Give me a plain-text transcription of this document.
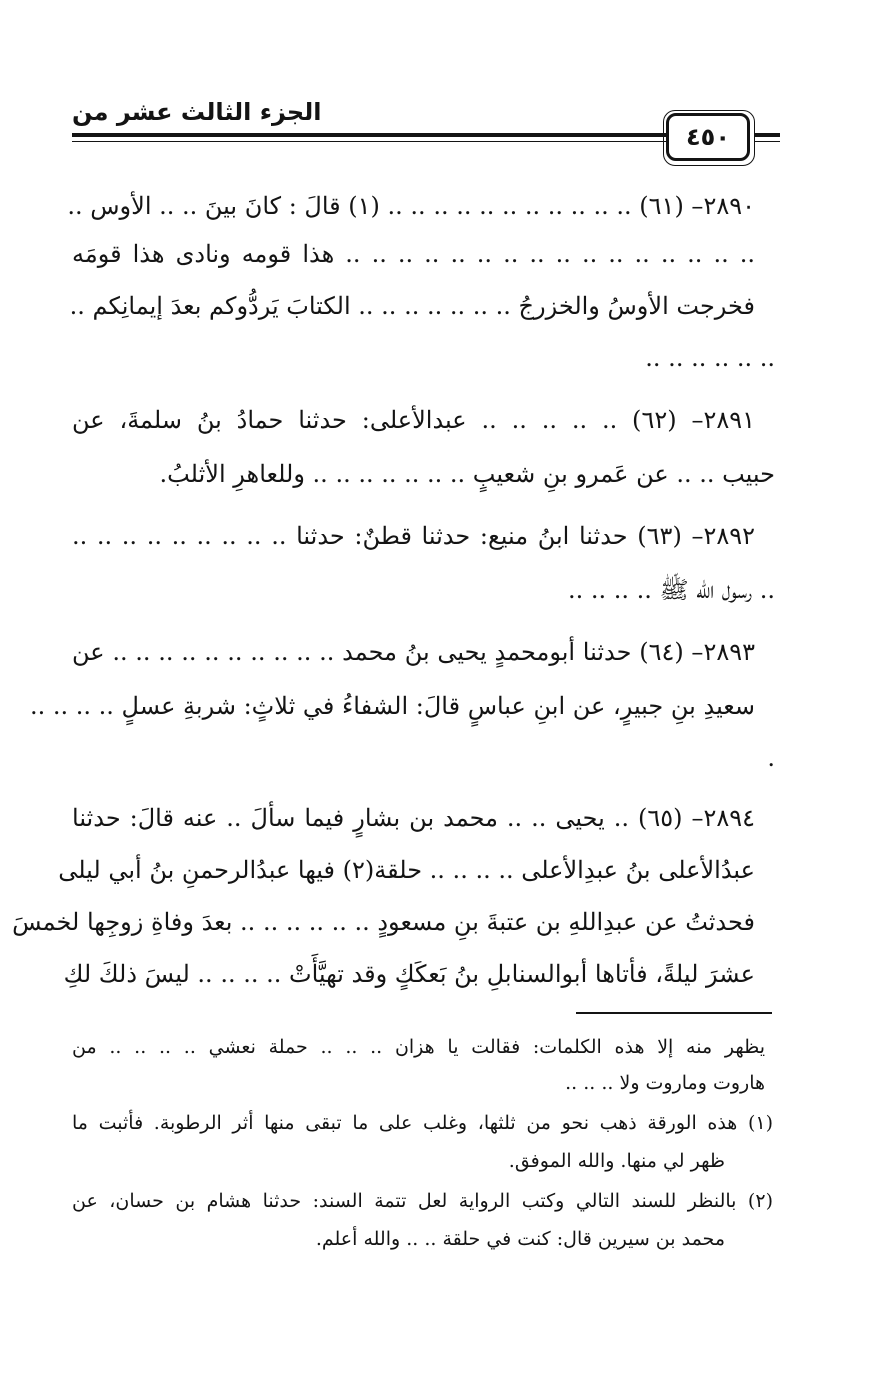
الجزء الثالث عشر من
٤٥٠
٢٨٩٠– (٦١) .. .. .. .. .. .. .. .. .. .. .. (١) قالَ : كانَ بينَ .. .. الأوس ..
.. .. .. .. .. .. .. .. .. .. .. .. .. .. .. .. هذا قومه ونادى هذا قومَه
فخرجت الأوسُ والخزرجُ .. .. .. .. .. .. .. الكتابَ يَردُّوكم بعدَ إيمانِكم ..
.. .. .. .. .. ..
٢٨٩١– (٦٢) .. .. .. .. .. عبدالأعلى: حدثنا حمادُ بنُ سلمةَ، عن
حبيب .. .. عن عَمرو بنِ شعيبٍ .. .. .. .. .. .. .. وللعاهرِ الأثلبُ.
٢٨٩٢– (٦٣) حدثنا ابنُ منيع: حدثنا قطنٌ: حدثنا .. .. .. .. .. .. .. .. ..
.. رسول الله ﷺ .. .. .. ..
٢٨٩٣– (٦٤) حدثنا أبومحمدٍ يحيى بنُ محمد .. .. .. .. .. .. .. .. .. .. عن
سعيدِ بنِ جبيرٍ، عن ابنِ عباسٍ قالَ: الشفاءُ في ثلاثٍ: شربةِ عسلٍ .. .. .. ..
.
٢٨٩٤– (٦٥) .. يحيى .. .. محمد بن بشارٍ فيما سألَ .. عنه قالَ: حدثنا
عبدُالأعلى بنُ عبدِالأعلى .. .. .. .. حلقة(٢) فيها عبدُالرحمنِ بنُ أبي ليلى
فحدثتُ عن عبدِاللهِ بن عتبةَ بنِ مسعودٍ .. .. .. .. .. .. بعدَ وفاةِ زوجِها لخمسَ
عشرَ ليلةً، فأتاها أبوالسنابلِ بنُ بَعكَكٍ وقد تهيَّأَتْ .. .. .. .. ليسَ ذلكَ لكِ
يظهر منه إلا هذه الكلمات: فقالت يا هزان .. .. .. حملة نعشي .. .. .. .. من
هاروت وماروت ولا .. .. ..
(١) هذه الورقة ذهب نحو من ثلثها، وغلب على ما تبقى منها أثر الرطوبة. فأثبت ما
ظهر لي منها. والله الموفق.
(٢) بالنظر للسند التالي وكتب الرواية لعل تتمة السند: حدثنا هشام بن حسان، عن
محمد بن سيرين قال: كنت في حلقة .. .. والله أعلم.
